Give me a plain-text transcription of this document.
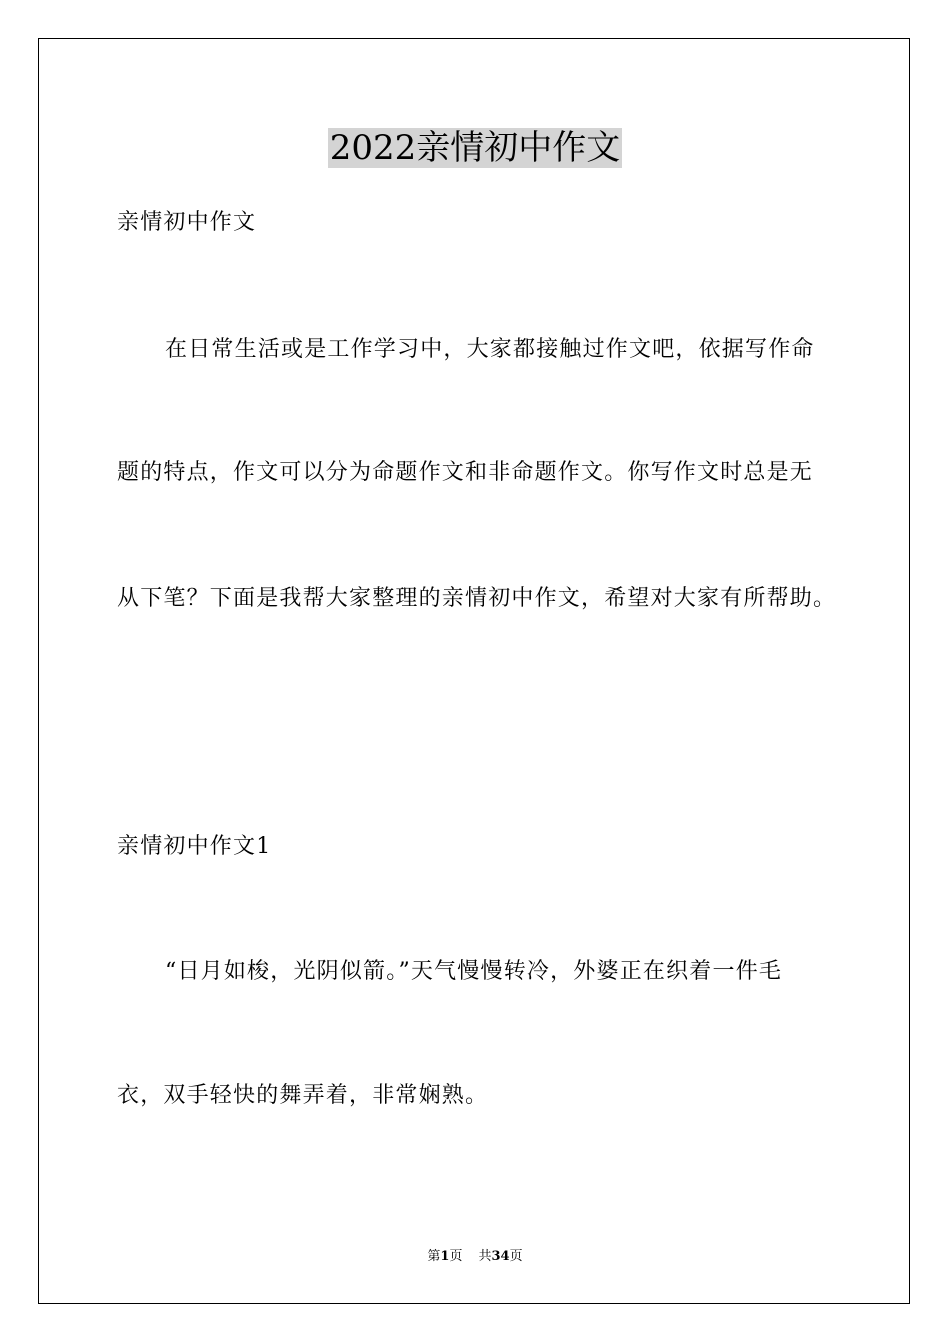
2022亲情初中作文
亲情初中作文
在日常生活或是工作学习中，大家都接触过作文吧，依据写作命
题的特点，作文可以分为命题作文和非命题作文。你写作文时总是无
从下笔？下面是我帮大家整理的亲情初中作文，希望对大家有所帮助。
亲情初中作文1
“日月如梭，光阴似箭。”天气慢慢转冷，外婆正在织着一件毛
衣，双手轻快的舞弄着，非常娴熟。
第1页 共34页
